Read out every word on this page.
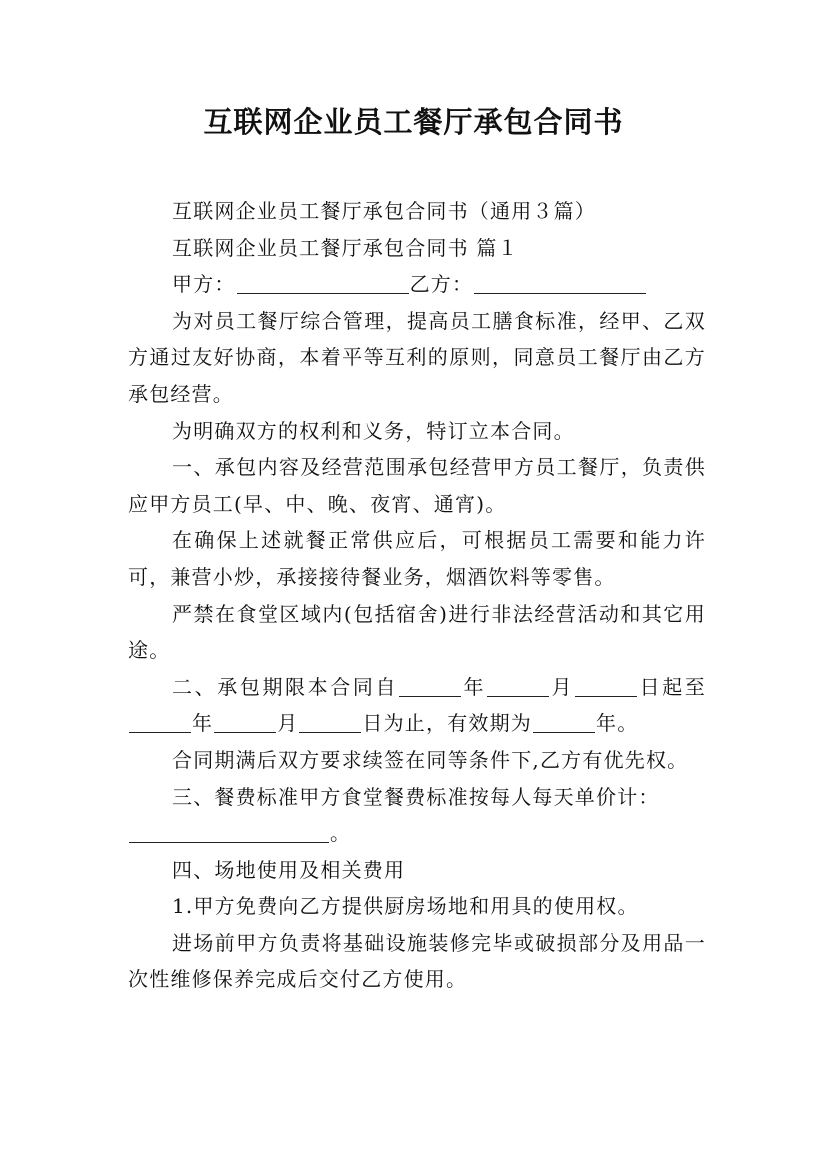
互联网企业员工餐厅承包合同书

互联网企业员工餐厅承包合同书（通用３篇）

互联网企业员工餐厅承包合同书 篇１

甲方：	乙方：

为对员工餐厅综合管理，提高员工膳食标准，经甲、乙双方通过友好协商，本着平等互利的原则，同意员工餐厅由乙方承包经营。

为明确双方的权利和义务，特订立本合同。

一、承包内容及经营范围承包经营甲方员工餐厅，负责供应甲方员工(早、中、晚、夜宵、通宵)。

在确保上述就餐正常供应后，可根据员工需要和能力许可，兼营小炒，承接接待餐业务，烟酒饮料等零售。

严禁在食堂区域内(包括宿舍)进行非法经营活动和其它用途。

二、承包期限本合同自	年	月	日起至年	月	日为止，有效期为	年。

合同期满后双方要求续签在同等条件下,乙方有优先权。

三、餐费标准甲方食堂餐费标准按每人每天单价计：

。

四、场地使用及相关费用

1.甲方免费向乙方提供厨房场地和用具的使用权。

进场前甲方负责将基础设施装修完毕或破损部分及用品一次性维修保养完成后交付乙方使用。
